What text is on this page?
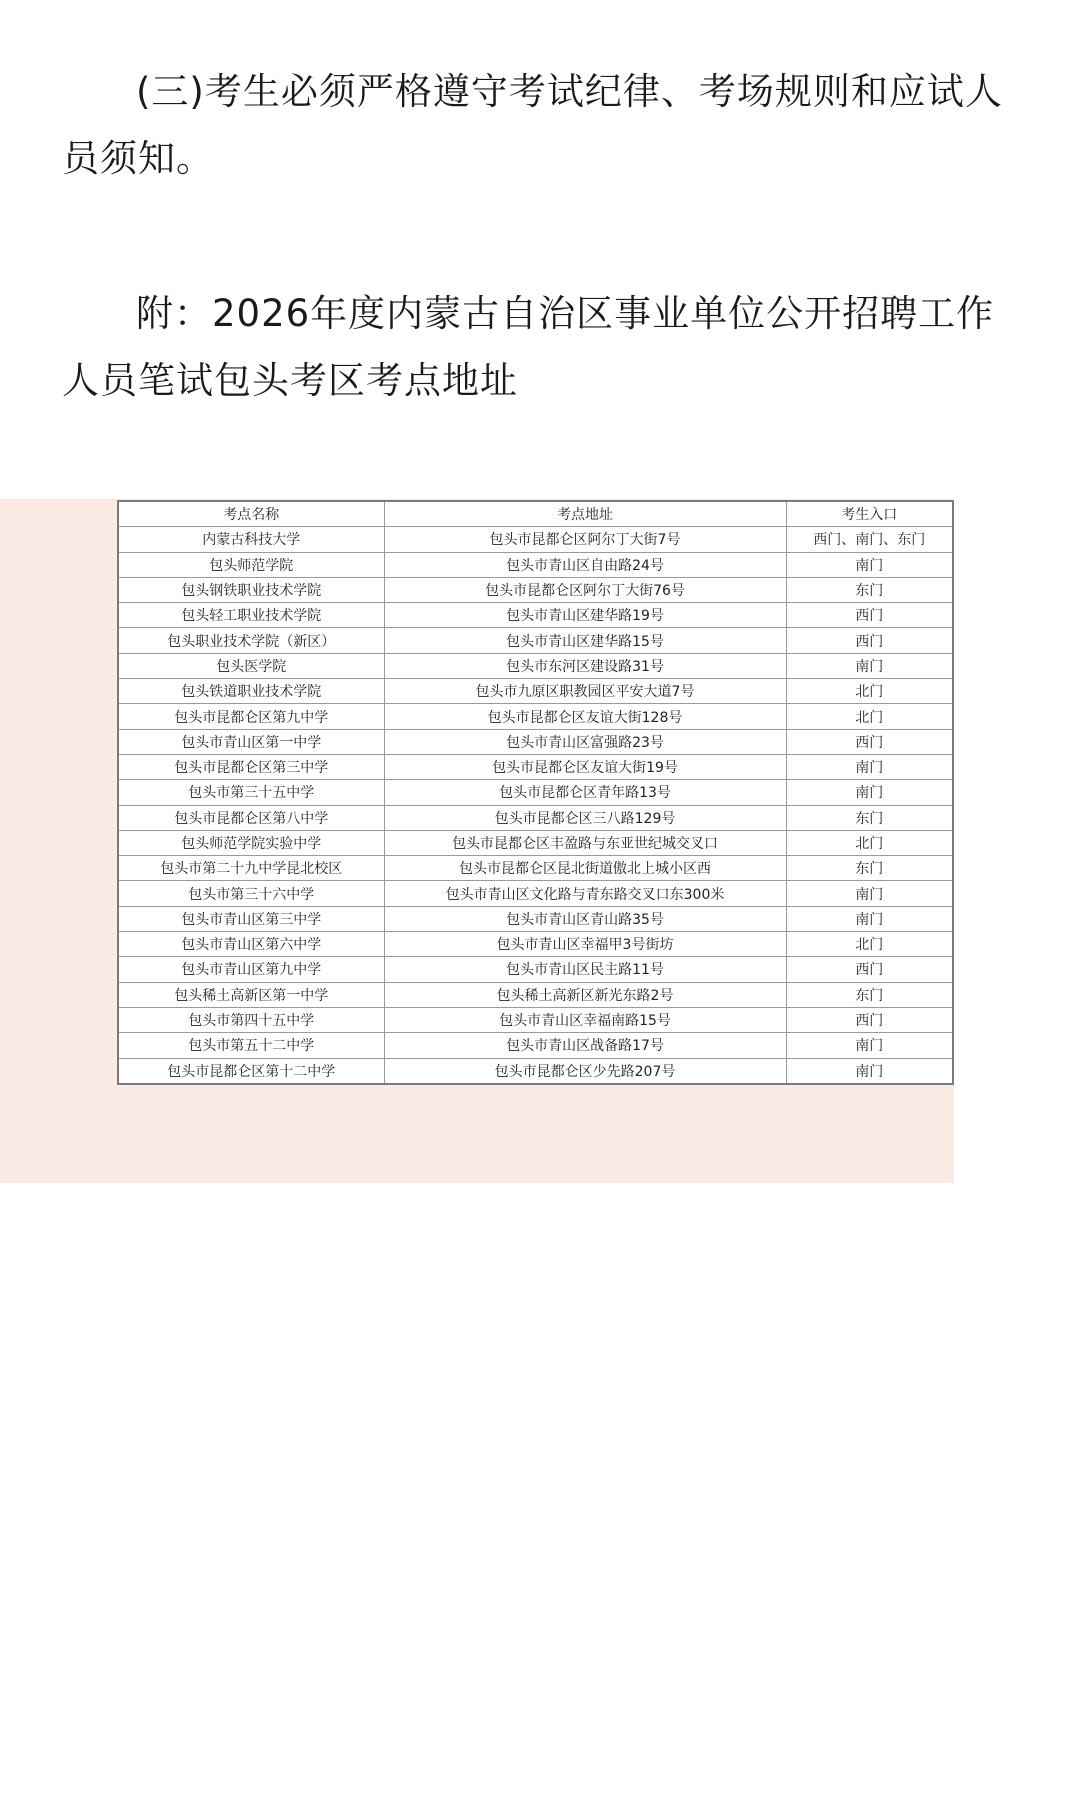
(三)考生必须严格遵守考试纪律、考场规则和应试人员须知。

附：2026年度内蒙古自治区事业单位公开招聘工作人员笔试包头考区考点地址

考点名称	考点地址	考生入口
内蒙古科技大学	包头市昆都仑区阿尔丁大街7号	西门、南门、东门
包头师范学院	包头市青山区自由路24号	南门
包头钢铁职业技术学院	包头市昆都仑区阿尔丁大街76号	东门
包头轻工职业技术学院	包头市青山区建华路19号	西门
包头职业技术学院（新区）	包头市青山区建华路15号	西门
包头医学院	包头市东河区建设路31号	南门
包头铁道职业技术学院	包头市九原区职教园区平安大道7号	北门
包头市昆都仑区第九中学	包头市昆都仑区友谊大街128号	北门
包头市青山区第一中学	包头市青山区富强路23号	西门
包头市昆都仑区第三中学	包头市昆都仑区友谊大街19号	南门
包头市第三十五中学	包头市昆都仑区青年路13号	南门
包头市昆都仑区第八中学	包头市昆都仑区三八路129号	东门
包头师范学院实验中学	包头市昆都仑区丰盈路与东亚世纪城交叉口	北门
包头市第二十九中学昆北校区	包头市昆都仑区昆北街道傲北上城小区西	东门
包头市第三十六中学	包头市青山区文化路与青东路交叉口东300米	南门
包头市青山区第三中学	包头市青山区青山路35号	南门
包头市青山区第六中学	包头市青山区幸福甲3号街坊	北门
包头市青山区第九中学	包头市青山区民主路11号	西门
包头稀土高新区第一中学	包头稀土高新区新光东路2号	东门
包头市第四十五中学	包头市青山区幸福南路15号	西门
包头市第五十二中学	包头市青山区战备路17号	南门
包头市昆都仑区第十二中学	包头市昆都仑区少先路207号	南门
